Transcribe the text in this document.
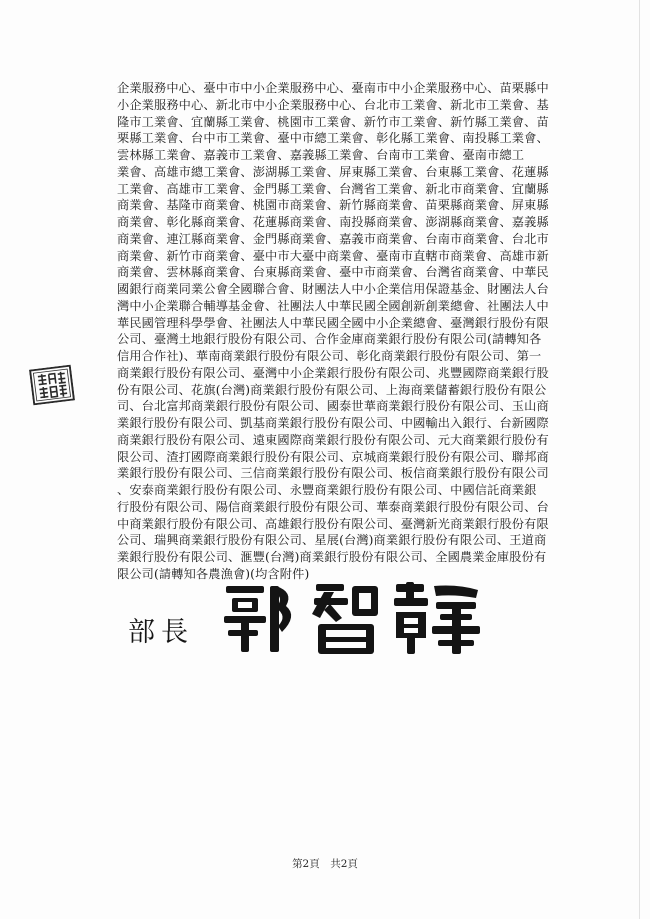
企業服務中心、臺中市中小企業服務中心、臺南市中小企業服務中心、苗栗縣中
小企業服務中心、新北市中小企業服務中心、台北市工業會、新北市工業會、基
隆市工業會、宜蘭縣工業會、桃園市工業會、新竹市工業會、新竹縣工業會、苗
栗縣工業會、台中市工業會、臺中市總工業會、彰化縣工業會、南投縣工業會、
雲林縣工業會、嘉義市工業會、嘉義縣工業會、台南市工業會、臺南市總工
業會、高雄市總工業會、澎湖縣工業會、屏東縣工業會、台東縣工業會、花蓮縣
工業會、高雄市工業會、金門縣工業會、台灣省工業會、新北市商業會、宜蘭縣
商業會、基隆市商業會、桃園市商業會、新竹縣商業會、苗栗縣商業會、屏東縣
商業會、彰化縣商業會、花蓮縣商業會、南投縣商業會、澎湖縣商業會、嘉義縣
商業會、連江縣商業會、金門縣商業會、嘉義市商業會、台南市商業會、台北市
商業會、新竹市商業會、臺中市大臺中商業會、臺南市直轄市商業會、高雄市新
商業會、雲林縣商業會、台東縣商業會、臺中市商業會、台灣省商業會、中華民
國銀行商業同業公會全國聯合會、財團法人中小企業信用保證基金、財團法人台
灣中小企業聯合輔導基金會、社團法人中華民國全國創新創業總會、社團法人中
華民國管理科學學會、社團法人中華民國全國中小企業總會、臺灣銀行股份有限
公司、臺灣土地銀行股份有限公司、合作金庫商業銀行股份有限公司(請轉知各
信用合作社)、華南商業銀行股份有限公司、彰化商業銀行股份有限公司、第一
商業銀行股份有限公司、臺灣中小企業銀行股份有限公司、兆豐國際商業銀行股
份有限公司、花旗(台灣)商業銀行股份有限公司、上海商業儲蓄銀行股份有限公
司、台北富邦商業銀行股份有限公司、國泰世華商業銀行股份有限公司、玉山商
業銀行股份有限公司、凱基商業銀行股份有限公司、中國輸出入銀行、台新國際
商業銀行股份有限公司、遠東國際商業銀行股份有限公司、元大商業銀行股份有
限公司、渣打國際商業銀行股份有限公司、京城商業銀行股份有限公司、聯邦商
業銀行股份有限公司、三信商業銀行股份有限公司、板信商業銀行股份有限公司
、安泰商業銀行股份有限公司、永豐商業銀行股份有限公司、中國信託商業銀
行股份有限公司、陽信商業銀行股份有限公司、華泰商業銀行股份有限公司、台
中商業銀行股份有限公司、高雄銀行股份有限公司、臺灣新光商業銀行股份有限
公司、瑞興商業銀行股份有限公司、星展(台灣)商業銀行股份有限公司、王道商
業銀行股份有限公司、滙豐(台灣)商業銀行股份有限公司、全國農業金庫股份有
限公司(請轉知各農漁會)(均含附件)
部長
第2頁　共2頁
